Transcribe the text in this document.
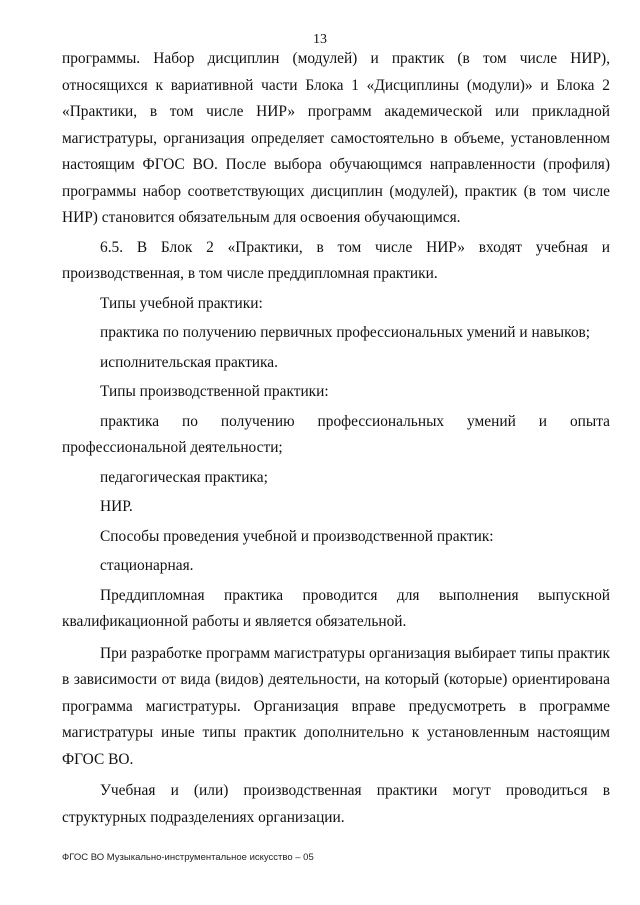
13

программы. Набор дисциплин (модулей) и практик (в том числе НИР), относящихся к вариативной части Блока 1 «Дисциплины (модули)» и Блока 2 «Практики, в том числе НИР» программ академической или прикладной магистратуры, организация определяет самостоятельно в объеме, установленном настоящим ФГОС ВО. После выбора обучающимся направленности (профиля) программы набор соответствующих дисциплин (модулей), практик (в том числе НИР) становится обязательным для освоения обучающимся.

6.5. В Блок 2 «Практики, в том числе НИР» входят учебная и производственная, в том числе преддипломная практики.

Типы учебной практики:

практика по получению первичных профессиональных умений и навыков;

исполнительская практика.

Типы производственной практики:

практика по получению профессиональных умений и опыта профессиональной деятельности;

педагогическая практика;

НИР.

Способы проведения учебной и производственной практик:

стационарная.

Преддипломная практика проводится для выполнения выпускной квалификационной работы и является обязательной.

При разработке программ магистратуры организация выбирает типы практик в зависимости от вида (видов) деятельности, на который (которые) ориентирована программа магистратуры. Организация вправе предусмотреть в программе магистратуры иные типы практик дополнительно к установленным настоящим ФГОС ВО.

Учебная и (или) производственная практики могут проводиться в структурных подразделениях организации.

ФГОС ВО Музыкально-инструментальное искусство – 05
